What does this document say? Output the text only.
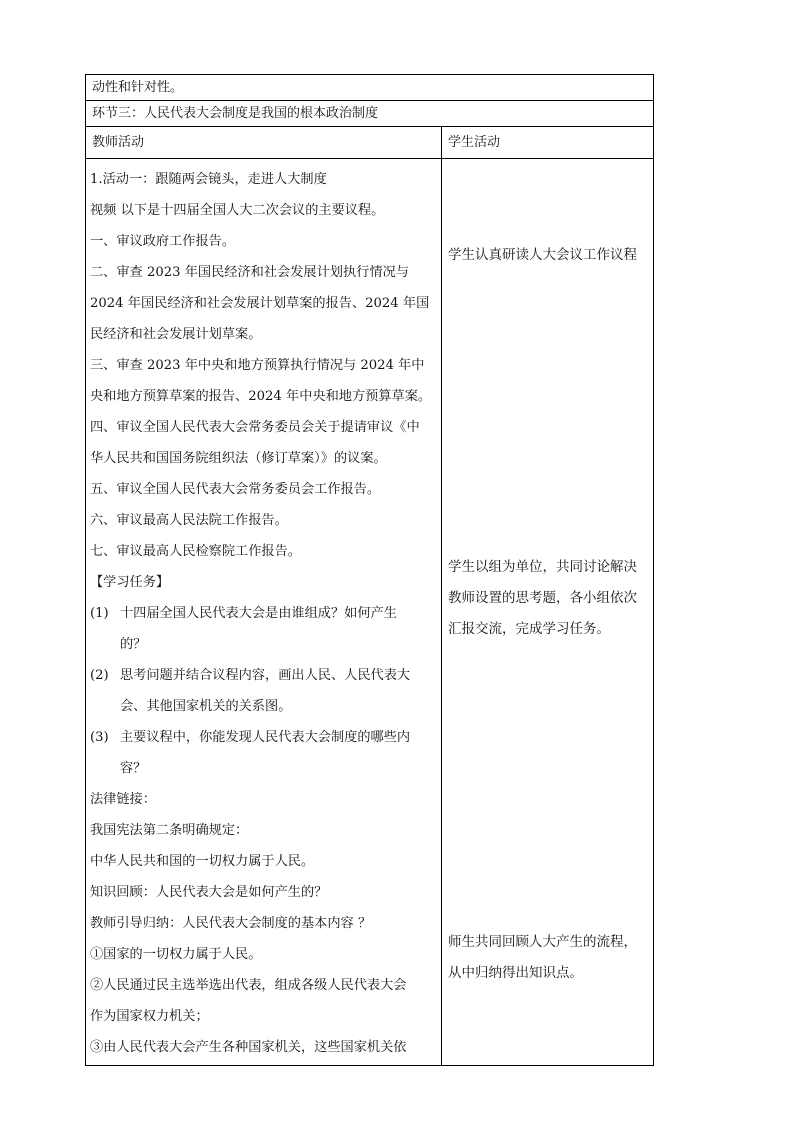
动性和针对性。
环节三：人民代表大会制度是我国的根本政治制度
教师活动	学生活动
1.活动一：跟随两会镜头，走进人大制度
视频 以下是十四届全国人大二次会议的主要议程。
一、审议政府工作报告。
二、审查 2023 年国民经济和社会发展计划执行情况与
2024 年国民经济和社会发展计划草案的报告、2024 年国
民经济和社会发展计划草案。
三、审查 2023 年中央和地方预算执行情况与 2024 年中
央和地方预算草案的报告、2024 年中央和地方预算草案。
四、审议全国人民代表大会常务委员会关于提请审议《中
华人民共和国国务院组织法（修订草案）》的议案。
五、审议全国人民代表大会常务委员会工作报告。
六、审议最高人民法院工作报告。
七、审议最高人民检察院工作报告。
【学习任务】
(1) 十四届全国人民代表大会是由谁组成？如何产生
的？
(2) 思考问题并结合议程内容，画出人民、人民代表大
会、其他国家机关的关系图。
(3) 主要议程中，你能发现人民代表大会制度的哪些内
容？
法律链接：
我国宪法第二条明确规定：
中华人民共和国的一切权力属于人民。
知识回顾：人民代表大会是如何产生的？
教师引导归纳：人民代表大会制度的基本内容 ？
①国家的一切权力属于人民。
②人民通过民主选举选出代表，组成各级人民代表大会
作为国家权力机关；
③由人民代表大会产生各种国家机关，这些国家机关依
学生认真研读人大会议工作议程
学生以组为单位，共同讨论解决
教师设置的思考题，各小组依次
汇报交流，完成学习任务。
师生共同回顾人大产生的流程，
从中归纳得出知识点。
